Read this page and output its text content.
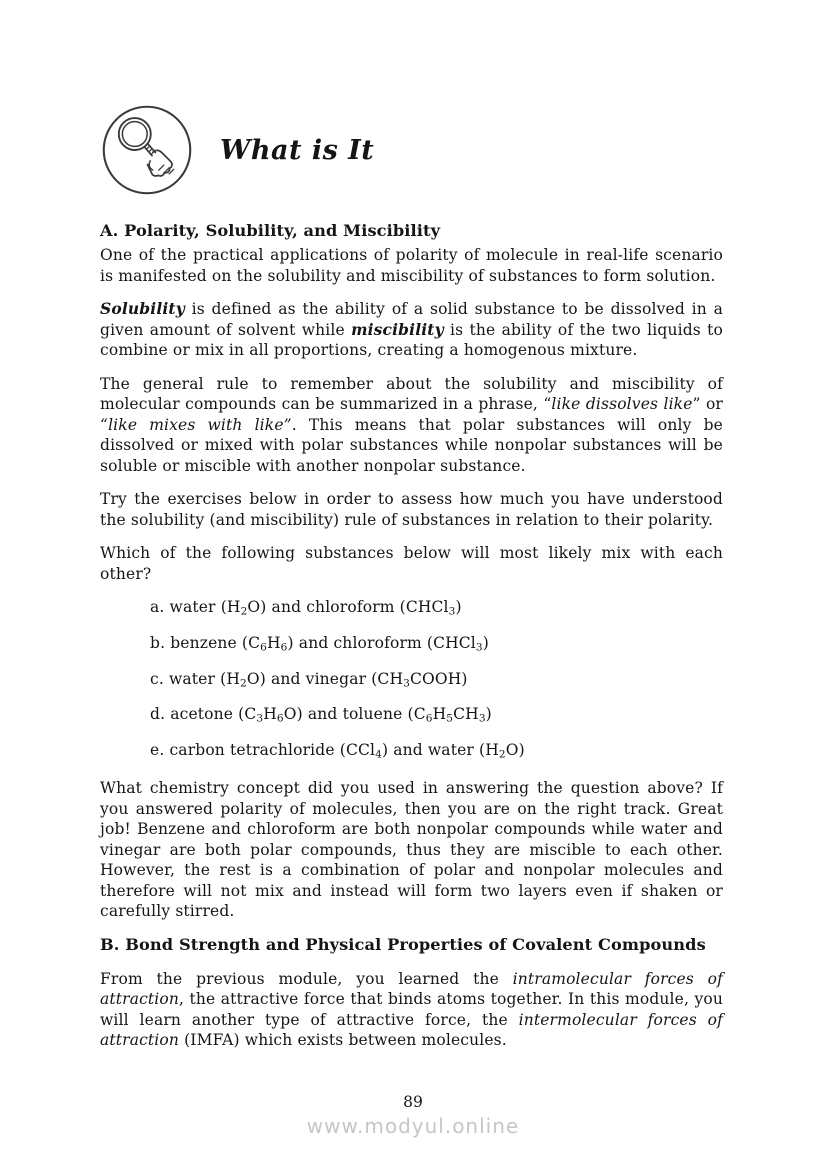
What is It
A. Polarity, Solubility, and Miscibility

One of the practical applications of polarity of molecule in real-life scenario is manifested on the solubility and miscibility of substances to form solution.

Solubility is defined as the ability of a solid substance to be dissolved in a given amount of solvent while miscibility is the ability of the two liquids to combine or mix in all proportions, creating a homogenous mixture.

The general rule to remember about the solubility and miscibility of molecular compounds can be summarized in a phrase, “like dissolves like” or “like mixes with like”. This means that polar substances will only be dissolved or mixed with polar substances while nonpolar substances will be soluble or miscible with another nonpolar substance.

Try the exercises below in order to assess how much you have understood the solubility (and miscibility) rule of substances in relation to their polarity.

Which of the following substances below will most likely mix with each other?

a. water $(H_2O)$ and chloroform (CHCl$_3$)
b. benzene $(C_6H_6)$ and chloroform (CHCl$_3$)
c. water $(H_2O)$ and vinegar $(CH_3COOH)$
d. acetone $(C_3H_6O)$ and toluene $(C_6H_5CH_3)$
e. carbon tetrachloride (CCl$_4$) and water $(H_2O)$

What chemistry concept did you used in answering the question above? If you answered polarity of molecules, then you are on the right track. Great job! Benzene and chloroform are both nonpolar compounds while water and vinegar are both polar compounds, thus they are miscible to each other. However, the rest is a combination of polar and nonpolar molecules and therefore will not mix and instead will form two layers even if shaken or carefully stirred.

B. Bond Strength and Physical Properties of Covalent Compounds

From the previous module, you learned the intramolecular forces of attraction, the attractive force that binds atoms together. In this module, you will learn another type of attractive force, the intermolecular forces of attraction (IMFA) which exists between molecules.

89
www.modyul.online
